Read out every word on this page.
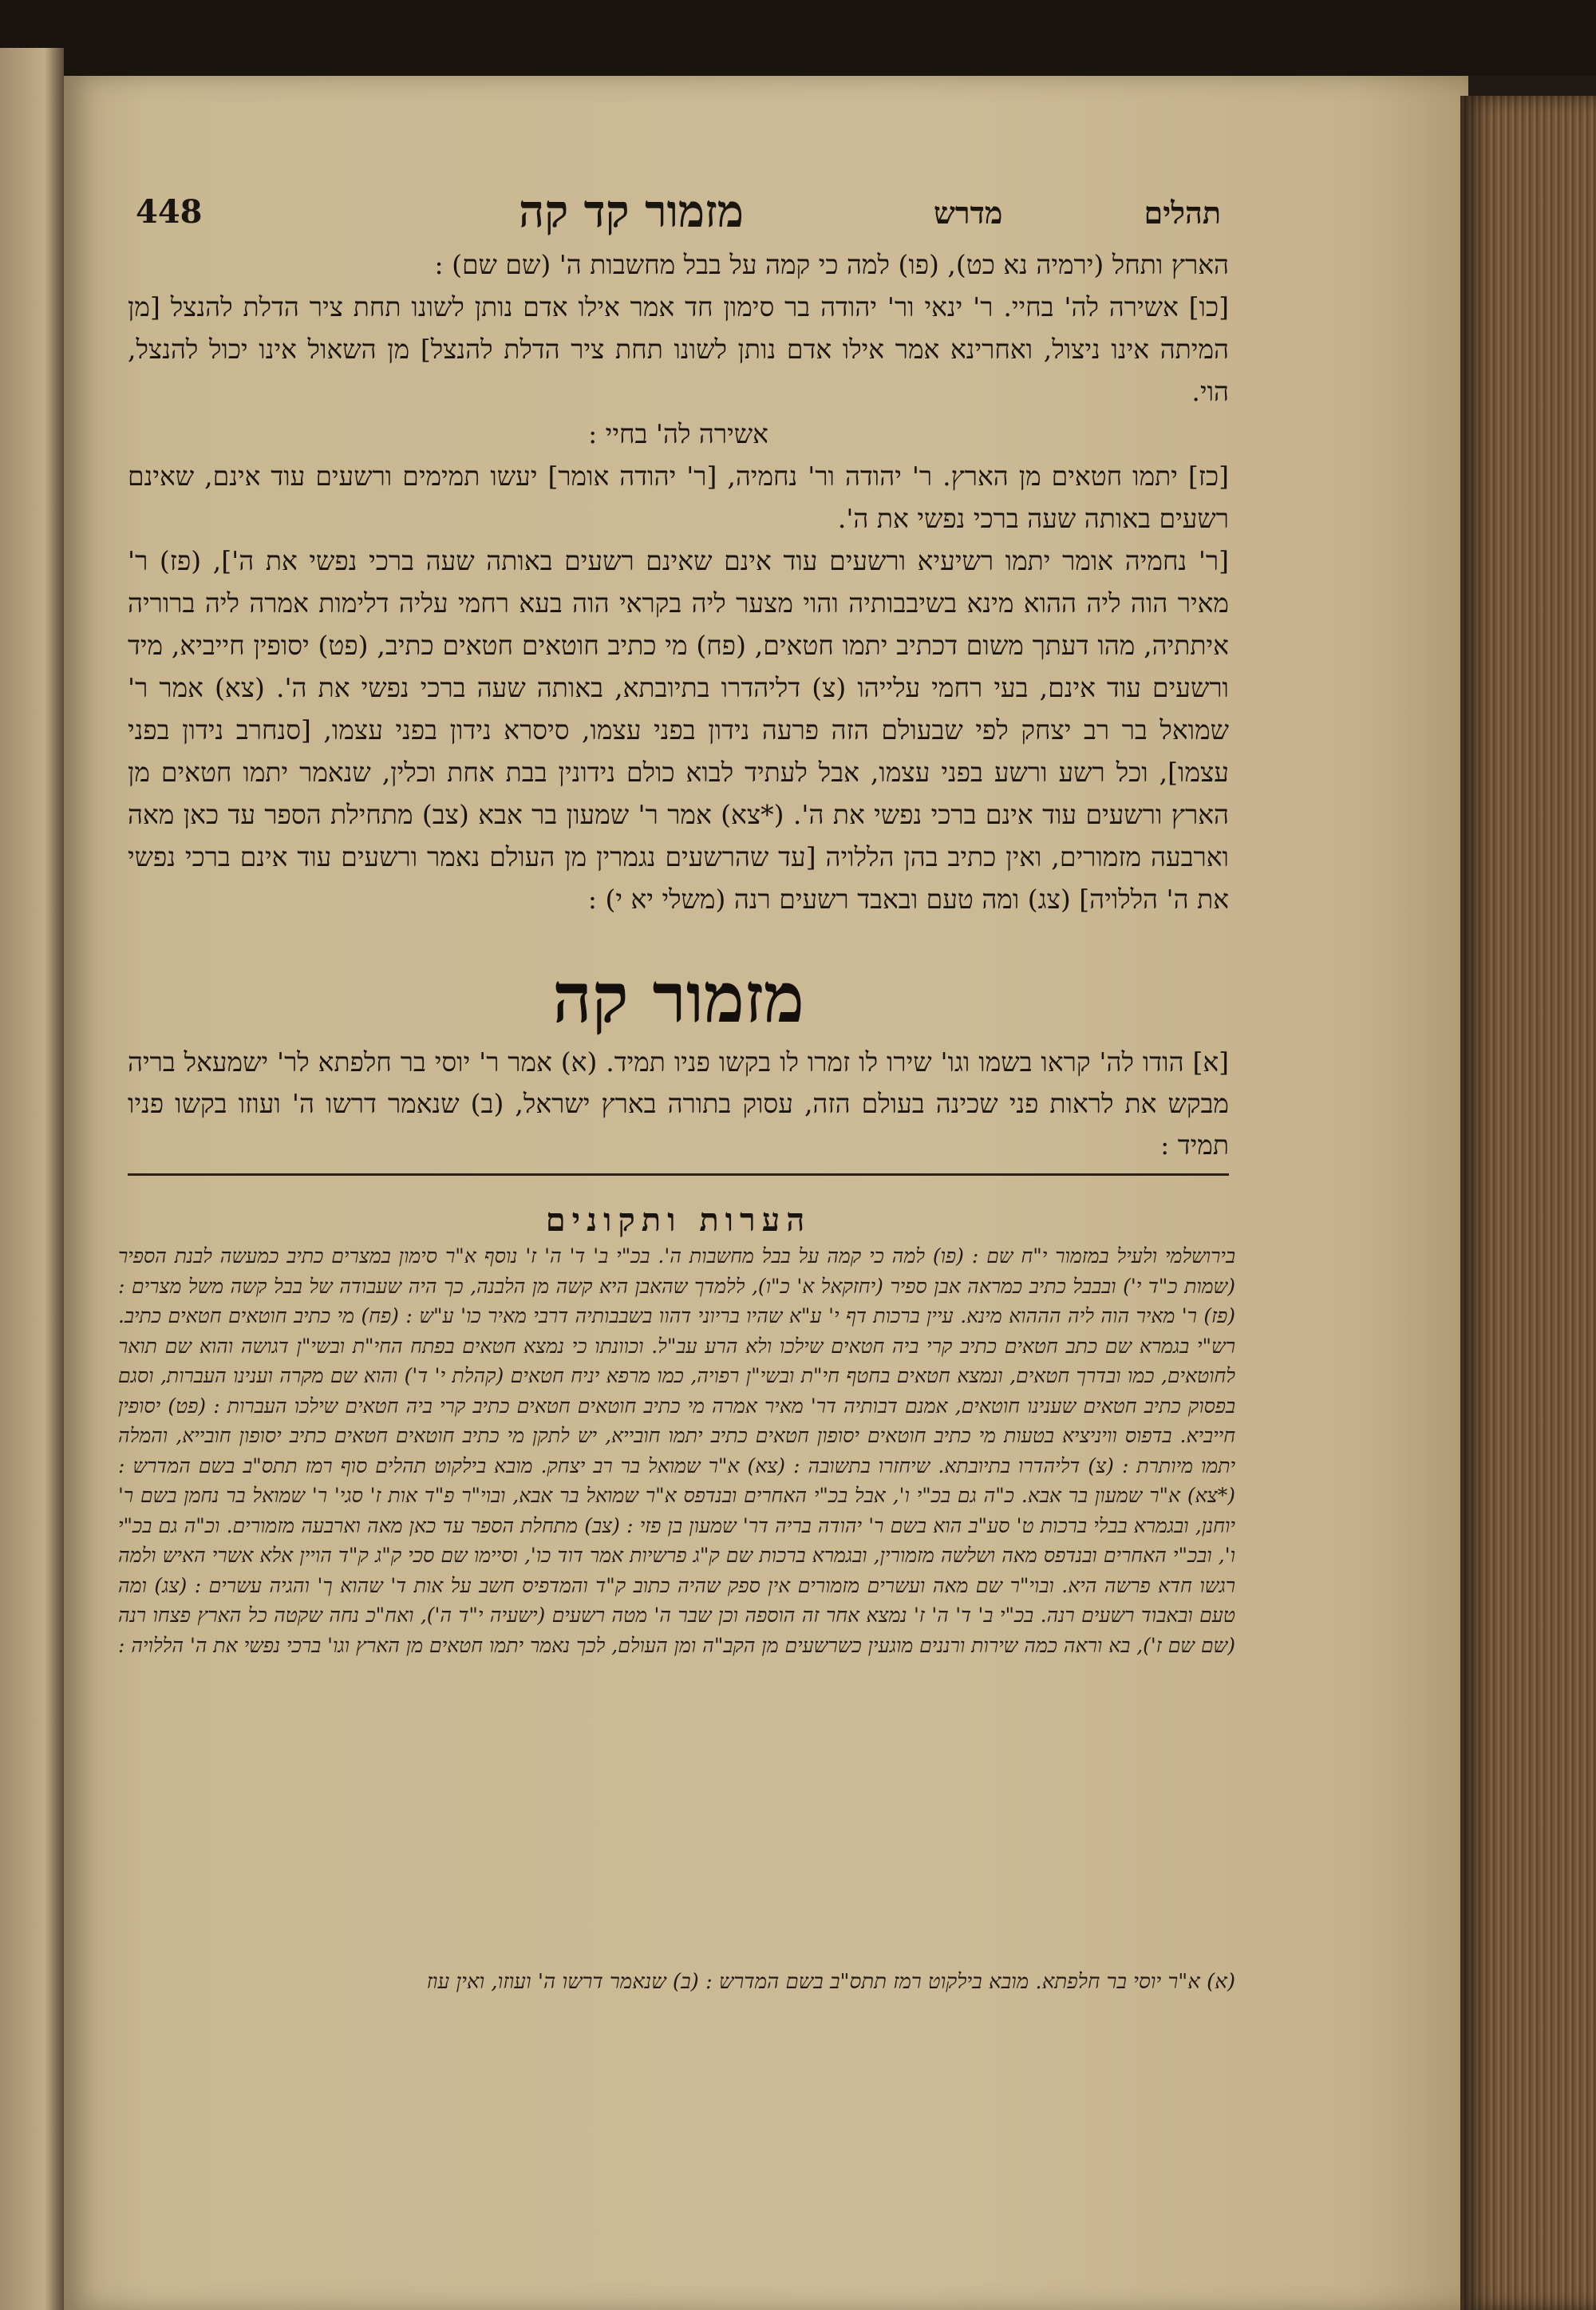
448	מזמור קד קה	מדרש	תהלים

הארץ ותחל (ירמיה נא כט), (פו) למה כי קמה על בבל מחשבות ה' (שם שם) :

[כו] אשירה לה' בחיי. ר' ינאי ור' יהודה בר סימון חד אמר אילו אדם נותן לשונו תחת ציר הדלת להנצל [מן המיתה אינו ניצול, ואחרינא אמר אילו אדם נותן לשונו תחת ציר הדלת להנצל] מן השאול אינו יכול להנצל, הוי.

אשירה לה' בחיי :

[כז] יתמו חטאים מן הארץ. ר' יהודה ור' נחמיה, [ר' יהודה אומר] יעשו תמימים ורשעים עוד אינם, שאינם רשעים באותה שעה ברכי נפשי את ה'.

[ר' נחמיה אומר יתמו רשיעיא ורשעים עוד אינם שאינם רשעים באותה שעה ברכי נפשי את ה'], (פז) ר' מאיר הוה ליה ההוא מינא בשיבבותיה והוי מצער ליה בקראי הוה בעא רחמי עליה דלימות אמרה ליה ברוריה איתתיה, מהו דעתך משום דכתיב יתמו חטאים, (פח) מי כתיב חוטאים חטאים כתיב, (פט) יסופין חייביא, מיד ורשעים עוד אינם, בעי רחמי עלייהו (צ) דליהדרו בתיובתא, באותה שעה ברכי נפשי את ה'. (צא) אמר ר' שמואל בר רב יצחק לפי שבעולם הזה פרעה נידון בפני עצמו, סיסרא נידון בפני עצמו, [סנחרב נידון בפני עצמו], וכל רשע ורשע בפני עצמו, אבל לעתיד לבוא כולם נידונין בבת אחת וכלין, שנאמר יתמו חטאים מן הארץ ורשעים עוד אינם ברכי נפשי את ה'. (*צא) אמר ר' שמעון בר אבא (צב) מתחילת הספר עד כאן מאה וארבעה מזמורים, ואין כתיב בהן הללויה [עד שהרשעים נגמרין מן העולם נאמר ורשעים עוד אינם ברכי נפשי את ה' הללויה] (צג) ומה טעם ובאבד רשעים רנה (משלי יא י) :

מזמור קה

[א] הודו לה' קראו בשמו וגו' שירו לו זמרו לו בקשו פניו תמיד. (א) אמר ר' יוסי בר חלפתא לר' ישמעאל בריה מבקש את לראות פני שכינה בעולם הזה, עסוק בתורה בארץ ישראל, (ב) שנאמר דרשו ה' ועוזו בקשו פניו תמיד :

הערות ותקונים

בירושלמי ולעיל במזמור י"ח שם : (פו) למה כי קמה על בבל מחשבות ה'. בכ"י ב' ד' ה' ז' נוסף א"ר סימון במצרים כתיב כמעשה לבנת הספיר (שמות כ"ד י') ובבבל כתיב כמראה אבן ספיר (יחזקאל א' כ"ו), ללמדך שהאבן היא קשה מן הלבנה, כך היה שעבודה של בבל קשה משל מצרים : (פז) ר' מאיר הוה ליה הההוא מינא. עיין ברכות דף י' ע"א שהיו בריוני דהוו בשבבותיה דרבי מאיר כו' ע"ש : (פח) מי כתיב חוטאים חטאים כתיב. רש"י בגמרא שם כתב חטאים כתיב קרי ביה חטאים שילכו ולא הרע עב"ל. וכוונתו כי נמצא חטאים בפתח החי"ת ובשי"ן דגושה והוא שם תואר לחוטאים, כמו ובדרך חטאים, ונמצא חטאים בחטף חי"ת ובשי"ן רפויה, כמו מרפא יניח חטאים (קהלת י' ד') והוא שם מקרה וענינו העברות, וסגם בפסוק כתיב חטאים שענינו חוטאים, אמנם דבותיה דר' מאיר אמרה מי כתיב חוטאים חטאים כתיב קרי ביה חטאים שילכו העברות : (פט) יסופין חייביא. בדפוס וויניציא בטעות מי כתיב חוטאים יסופון חטאים כתיב יתמו חובייא, יש לתקן מי כתיב חוטאים חטאים כתיב יסופון חובייא, והמלה יתמו מיותרת : (צ) דליהדרו בתיובתא. שיחזרו בתשובה : (צא) א"ר שמואל בר רב יצחק. מובא בילקוט תהלים סוף רמז תתס"ב בשם המדרש : (*צא) א"ר שמעון בר אבא. כ"ה גם בכ"י ו', אבל בכ"י האחרים ובנדפס א"ר שמואל בר אבא, ובוי"ר פ"ד אות ז' סגי' ר' שמואל בר נחמן בשם ר' יוחנן, ובגמרא בבלי ברכות ט' סע"ב הוא בשם ר' יהודה בריה דר' שמעון בן פזי : (צב) מתחלת הספר עד כאן מאה וארבעה מזמורים. וכ"ה גם בכ"י ו', ובכ"י האחרים ובנדפס מאה ושלשה מזמורין, ובגמרא ברכות שם ק"ג פרשיות אמר דוד כו', וסיימו שם סכי ק"ג ק"ד הויין אלא אשרי האיש ולמה רגשו חדא פרשה היא. ובוי"ר שם מאה ועשרים מזמורים אין ספק שהיה כתוב ק"ד והמדפיס חשב על אות ד' שהוא ך' והגיה עשרים : (צג) ומה טעם ובאבוד רשעים רנה. בכ"י ב' ד' ה' ז' נמצא אחר זה הוספה וכן שבר ה' מטה רשעים (ישעיה י"ד ה'), ואח"כ נחה שקטה כל הארץ פצחו רנה (שם שם ז'), בא וראה כמה שירות ורננים מוגעין כשרשעים מן הקב"ה ומן העולם, לכך נאמר יתמו חטאים מן הארץ וגו' ברכי נפשי את ה' הללויה :

(א) א"ר יוסי בר חלפתא. מובא בילקוט רמז תתס"ב בשם המדרש : (ב) שנאמר דרשו ה' ועוזו, ואין עוז
